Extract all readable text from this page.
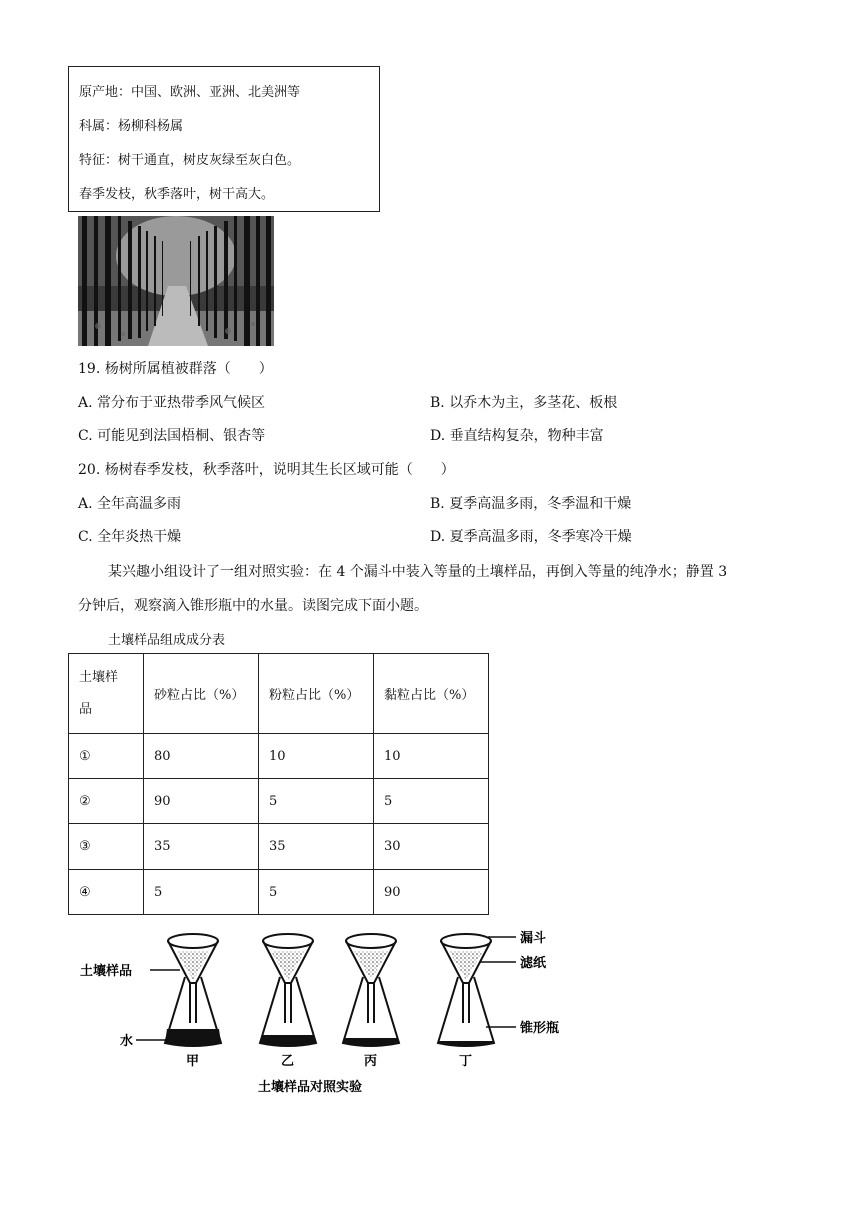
原产地：中国、欧洲、亚洲、北美洲等
科属：杨柳科杨属
特征：树干通直，树皮灰绿至灰白色。
春季发枝，秋季落叶，树干高大。
19. 杨树所属植被群落（　　）
A. 常分布于亚热带季风气候区	B. 以乔木为主，多茎花、板根
C. 可能见到法国梧桐、银杏等	D. 垂直结构复杂，物种丰富
20. 杨树春季发枝，秋季落叶，说明其生长区域可能（　　）
A. 全年高温多雨	B. 夏季高温多雨，冬季温和干燥
C. 全年炎热干燥	D. 夏季高温多雨，冬季寒冷干燥
某兴趣小组设计了一组对照实验：在 4 个漏斗中装入等量的土壤样品，再倒入等量的纯净水；静置 3
分钟后，观察滴入锥形瓶中的水量。读图完成下面小题。
土壤样品组成成分表
土壤样
品	砂粒占比（%）	粉粒占比（%）	黏粒占比（%）
①	80	10	10
②	90	5	5
③	35	35	30
④	5	5	90
土壤样品
水
漏斗
滤纸
锥形瓶
甲	乙	丙	丁
土壤样品对照实验
